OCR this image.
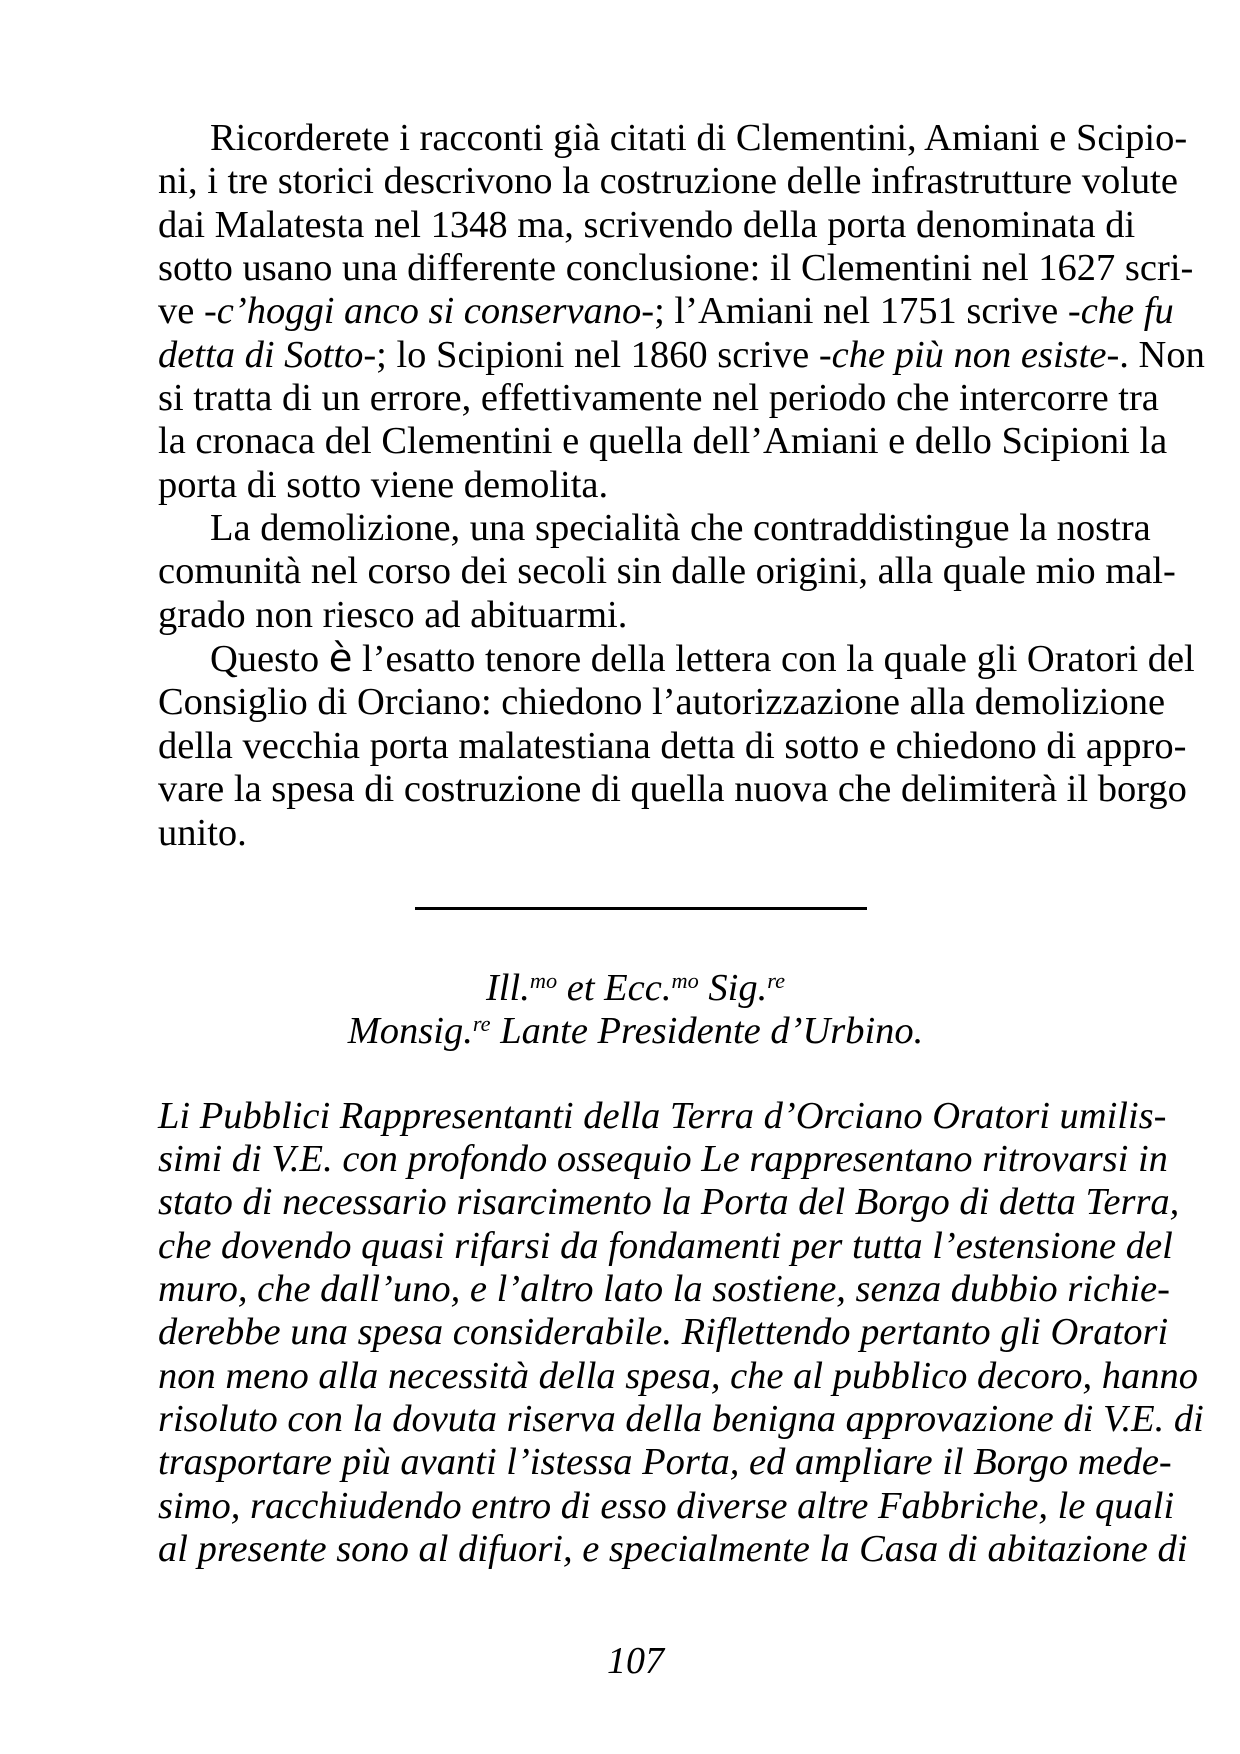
Ricorderete i racconti già citati di Clementini, Amiani e Scipio-
ni, i tre storici descrivono la costruzione delle infrastrutture volute
dai Malatesta nel 1348 ma, scrivendo della porta denominata di
sotto usano una differente conclusione: il Clementini nel 1627 scri-
ve -c’hoggi anco si conservano-; l’Amiani nel 1751 scrive -che fu
detta di Sotto-; lo Scipioni nel 1860 scrive -che più non esiste-. Non
si tratta di un errore, effettivamente nel periodo che intercorre tra
la cronaca del Clementini e quella dell’Amiani e dello Scipioni la
porta di sotto viene demolita.
La demolizione, una specialità che contraddistingue la nostra
comunità nel corso dei secoli sin dalle origini, alla quale mio mal-
grado non riesco ad abituarmi.
Questo è l’esatto tenore della lettera con la quale gli Oratori del
Consiglio di Orciano: chiedono l’autorizzazione alla demolizione
della vecchia porta malatestiana detta di sotto e chiedono di appro-
vare la spesa di costruzione di quella nuova che delimiterà il borgo
unito.
Ill.$^{mo}$ et Ecc.$^{mo}$ Sig.$^{re}$
Monsig.$^{re}$ Lante Presidente d’Urbino.
Li Pubblici Rappresentanti della Terra d’Orciano Oratori umilis-
simi di V.E. con profondo ossequio Le rappresentano ritrovarsi in
stato di necessario risarcimento la Porta del Borgo di detta Terra,
che dovendo quasi rifarsi da fondamenti per tutta l’estensione del
muro, che dall’uno, e l’altro lato la sostiene, senza dubbio richie-
derebbe una spesa considerabile. Riflettendo pertanto gli Oratori
non meno alla necessità della spesa, che al pubblico decoro, hanno
risoluto con la dovuta riserva della benigna approvazione di V.E. di
trasportare più avanti l’istessa Porta, ed ampliare il Borgo mede-
simo, racchiudendo entro di esso diverse altre Fabbriche, le quali
al presente sono al difuori, e specialmente la Casa di abitazione di
107
